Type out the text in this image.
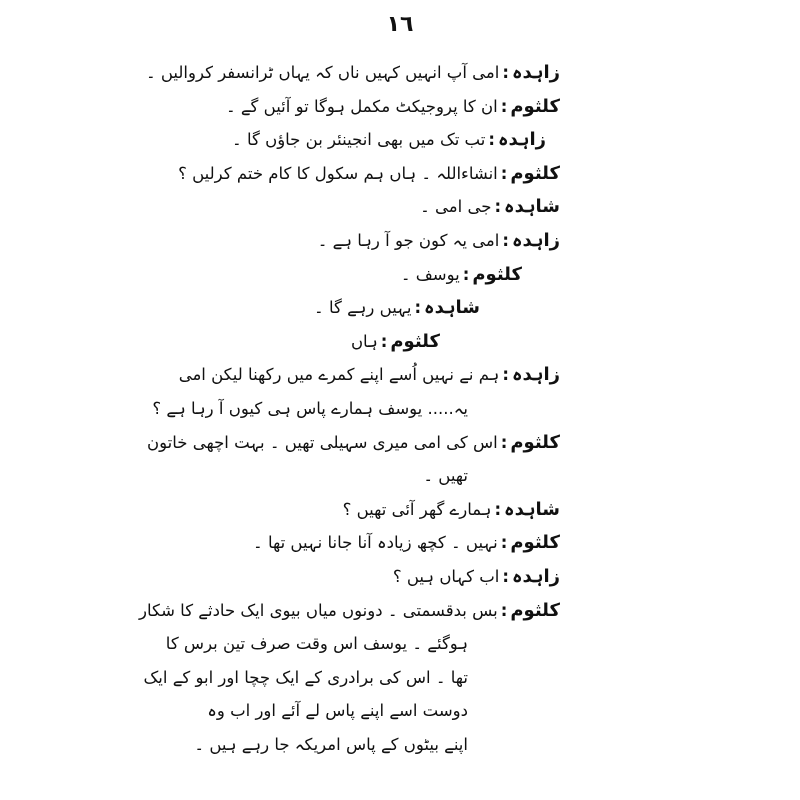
١٦
زاہدہ:امی آپ انہیں کہیں ناں کہ یہاں ٹرانسفر کروالیں ۔
کلثوم:ان کا پروجیکٹ مکمل ہوگا تو آئیں گے ۔
زاہدہ:تب تک میں بھی انجینئر بن جاؤں گا ۔
کلثوم:انشاءاللہ ۔ ہاں ہم سکول کا کام ختم کرلیں ؟
شاہدہ:جی امی ۔
زاہدہ:امی یہ کون جو آ رہا ہے ۔
کلثوم:یوسف ۔
شاہدہ:یہیں رہے گا ۔
کلثوم:ہاں
زاہدہ:ہم نے نہیں اُسے اپنے کمرے میں رکھنا لیکن امی
یہ..... یوسف ہمارے پاس ہی کیوں آ رہا ہے ؟
کلثوم:اس کی امی میری سہیلی تھیں ۔ بہت اچھی خاتون
تھیں ۔
شاہدہ:ہمارے گھر آئی تھیں ؟
کلثوم:نہیں ۔ کچھ زیادہ آنا جانا نہیں تھا ۔
زاہدہ:اب کہاں ہیں ؟
کلثوم:بس بدقسمتی ۔ دونوں میاں بیوی ایک حادثے کا شکار
ہوگئے ۔ یوسف اس وقت صرف تین برس کا
تھا ۔ اس کی برادری کے ایک چچا اور ابو کے ایک
دوست اسے اپنے پاس لے آئے اور اب وہ
اپنے بیٹوں کے پاس امریکہ جا رہے ہیں ۔
